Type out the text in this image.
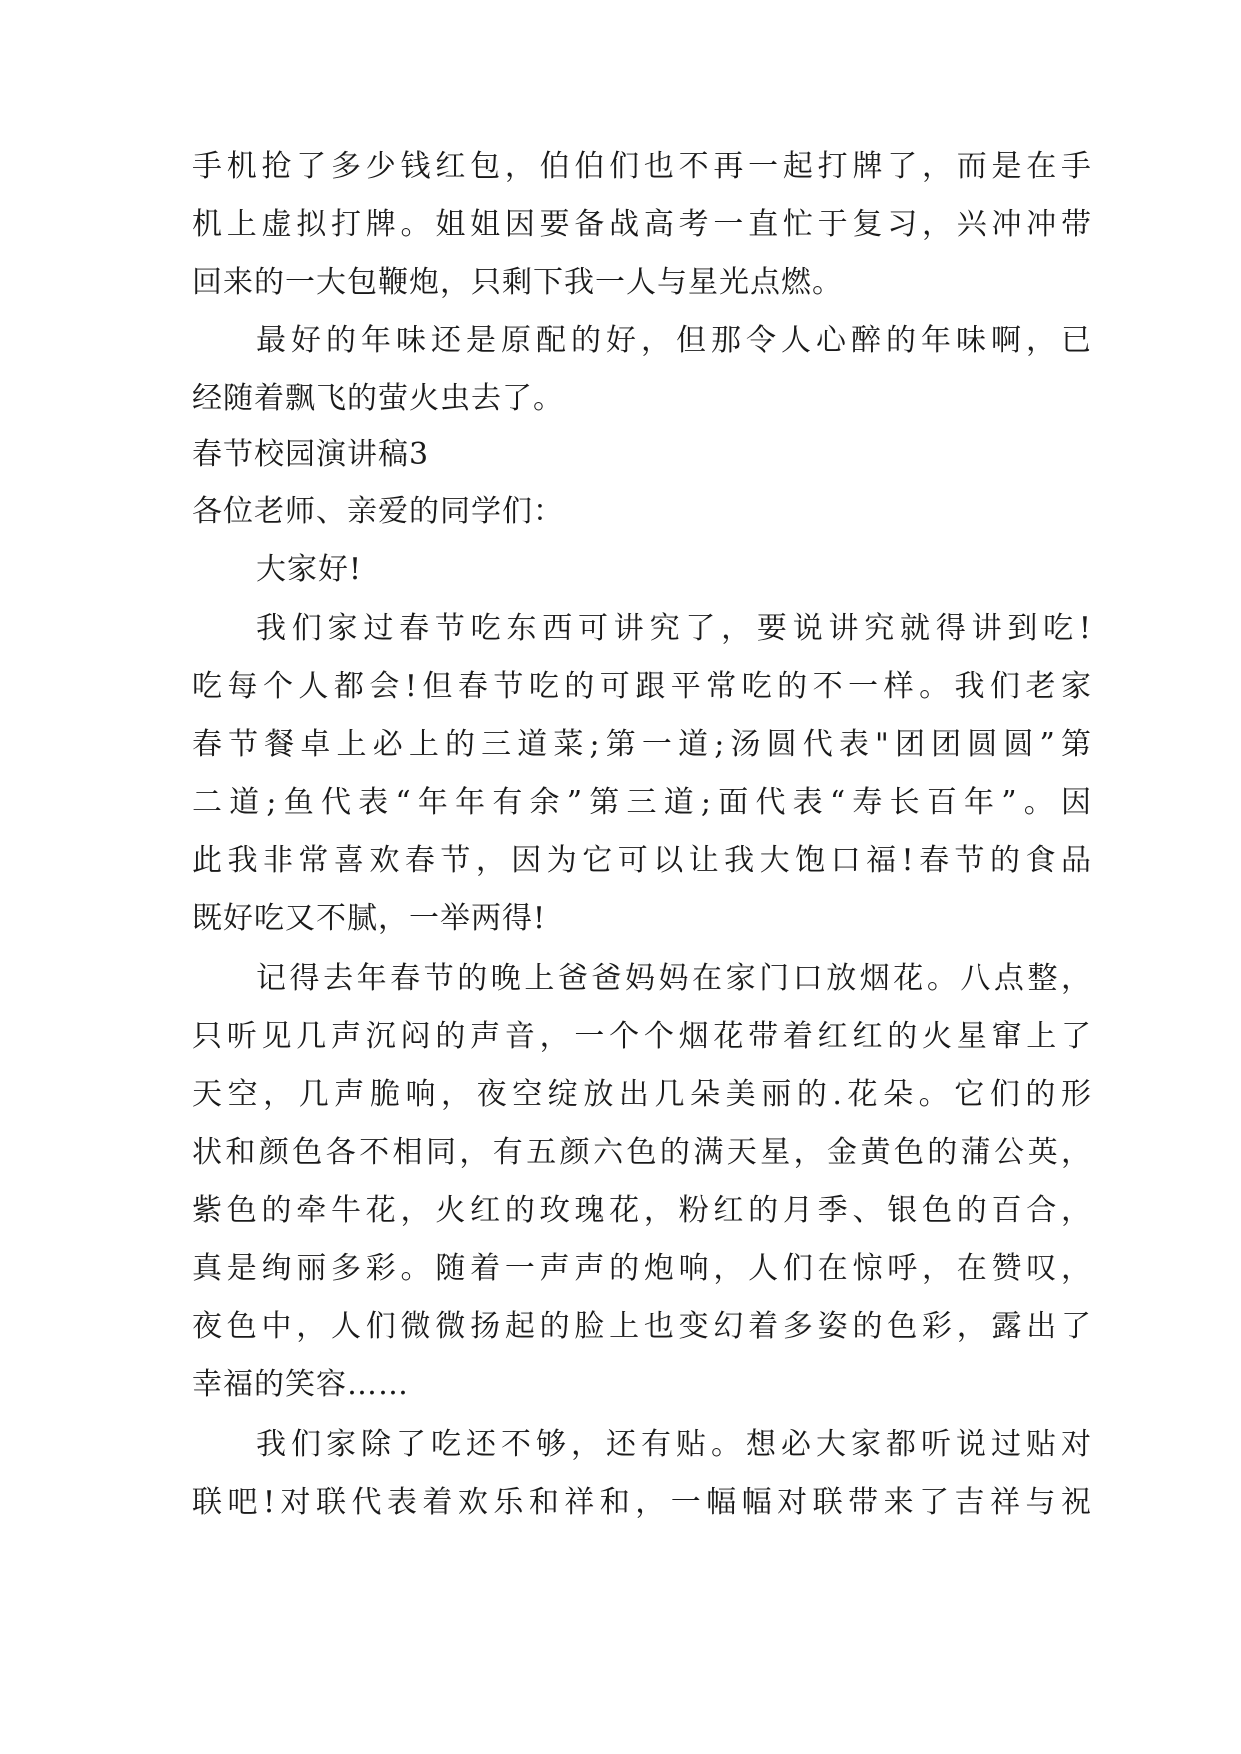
手机抢了多少钱红包，伯伯们也不再一起打牌了，而是在手
机上虚拟打牌。姐姐因要备战高考一直忙于复习，兴冲冲带
回来的一大包鞭炮，只剩下我一人与星光点燃。
最好的年味还是原配的好，但那令人心醉的年味啊，已
经随着飘飞的萤火虫去了。
春节校园演讲稿3
各位老师、亲爱的同学们：
大家好!
我们家过春节吃东西可讲究了，要说讲究就得讲到吃!
吃每个人都会!但春节吃的可跟平常吃的不一样。我们老家
春节餐卓上必上的三道菜;第一道;汤圆代表"团团圆圆”第
二道;鱼代表“年年有余”第三道;面代表“寿长百年”。因
此我非常喜欢春节，因为它可以让我大饱口福!春节的食品
既好吃又不腻，一举两得!
记得去年春节的晚上爸爸妈妈在家门口放烟花。八点整，
只听见几声沉闷的声音，一个个烟花带着红红的火星窜上了
天空，几声脆响，夜空绽放出几朵美丽的.花朵。它们的形
状和颜色各不相同，有五颜六色的满天星，金黄色的蒲公英，
紫色的牵牛花，火红的玫瑰花，粉红的月季、银色的百合，
真是绚丽多彩。随着一声声的炮响，人们在惊呼，在赞叹，
夜色中，人们微微扬起的脸上也变幻着多姿的色彩，露出了
幸福的笑容……
我们家除了吃还不够，还有贴。想必大家都听说过贴对
联吧!对联代表着欢乐和祥和，一幅幅对联带来了吉祥与祝
